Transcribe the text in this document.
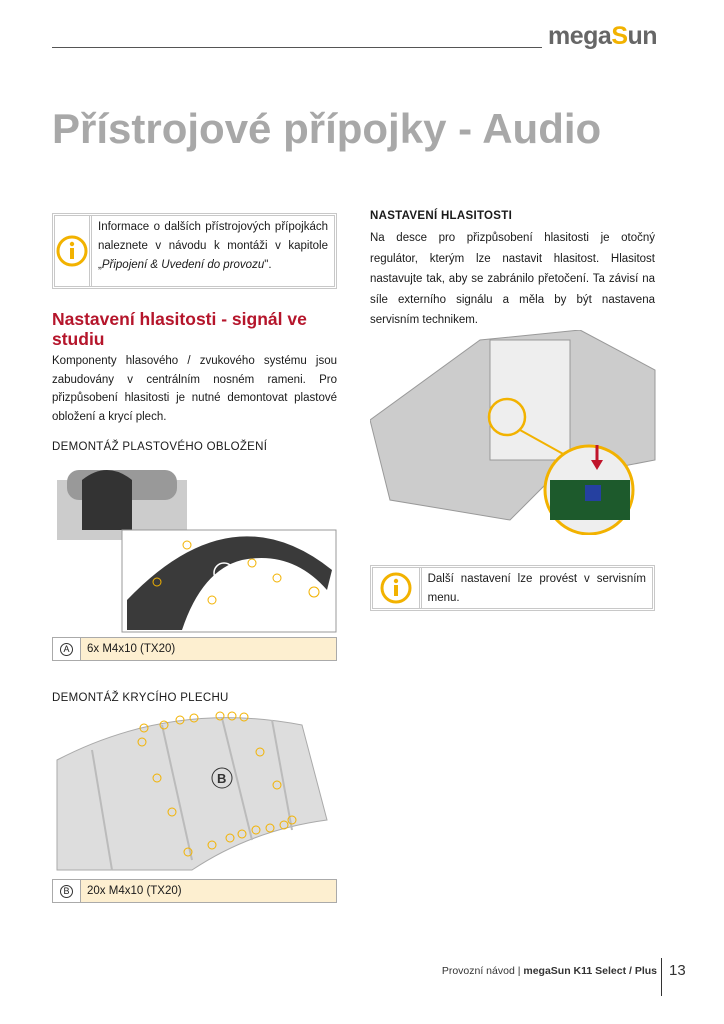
megaSun
Přístrojové přípojky - Audio
Informace o dalších přístrojových přípojkách naleznete v návodu k montáži v kapitole „Připojení & Uvedení do provozu".
Nastavení hlasitosti - signál ve studiu

Komponenty hlasového / zvukového systému jsou zabudovány v centrálním nosném rameni. Pro přizpůsobení hlasitosti je nutné demontovat plastové obložení a krycí plech.

DEMONTÁŽ PLASTOVÉHO OBLOŽENÍ
A
A	6x M4x10 (TX20)
DEMONTÁŽ KRYCÍHO PLECHU
B
B	20x M4x10 (TX20)
NASTAVENÍ HLASITOSTI

Na desce pro přizpůsobení hlasitosti je otočný regulátor, kterým lze nastavit hlasitost. Hlasitost nastavujte tak, aby se zabránilo přetočení. Ta závisí na síle externího signálu a měla by být nastavena servisním technikem.

Další nastavení lze provést v servisním menu.
Provozní návod | megaSun K11 Select / Plus 13
